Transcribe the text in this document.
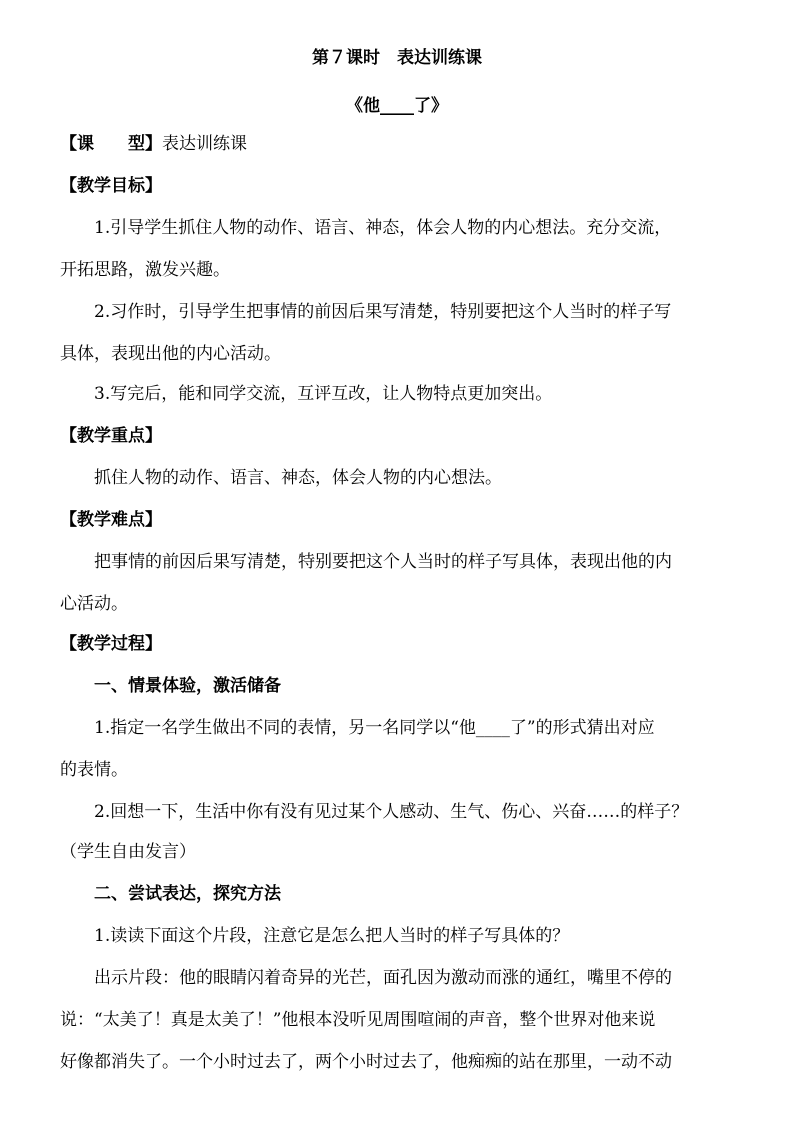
第７课时　表达训练课
《他____了》
【课　　型】表达训练课
【教学目标】
1.引导学生抓住人物的动作、语言、神态，体会人物的内心想法。充分交流，
开拓思路，激发兴趣。
2.习作时，引导学生把事情的前因后果写清楚，特别要把这个人当时的样子写
具体，表现出他的内心活动。
3.写完后，能和同学交流，互评互改，让人物特点更加突出。
【教学重点】
抓住人物的动作、语言、神态，体会人物的内心想法。
【教学难点】
把事情的前因后果写清楚，特别要把这个人当时的样子写具体，表现出他的内
心活动。
【教学过程】
一、情景体验，激活储备
1.指定一名学生做出不同的表情，另一名同学以“他____了”的形式猜出对应
的表情。
2.回想一下，生活中你有没有见过某个人感动、生气、伤心、兴奋……的样子？
（学生自由发言）
二、尝试表达，探究方法
1.读读下面这个片段，注意它是怎么把人当时的样子写具体的？
出示片段：他的眼睛闪着奇异的光芒，面孔因为激动而涨的通红，嘴里不停的
说：“太美了！真是太美了！”他根本没听见周围喧闹的声音，整个世界对他来说
好像都消失了。一个小时过去了，两个小时过去了，他痴痴的站在那里，一动不动
